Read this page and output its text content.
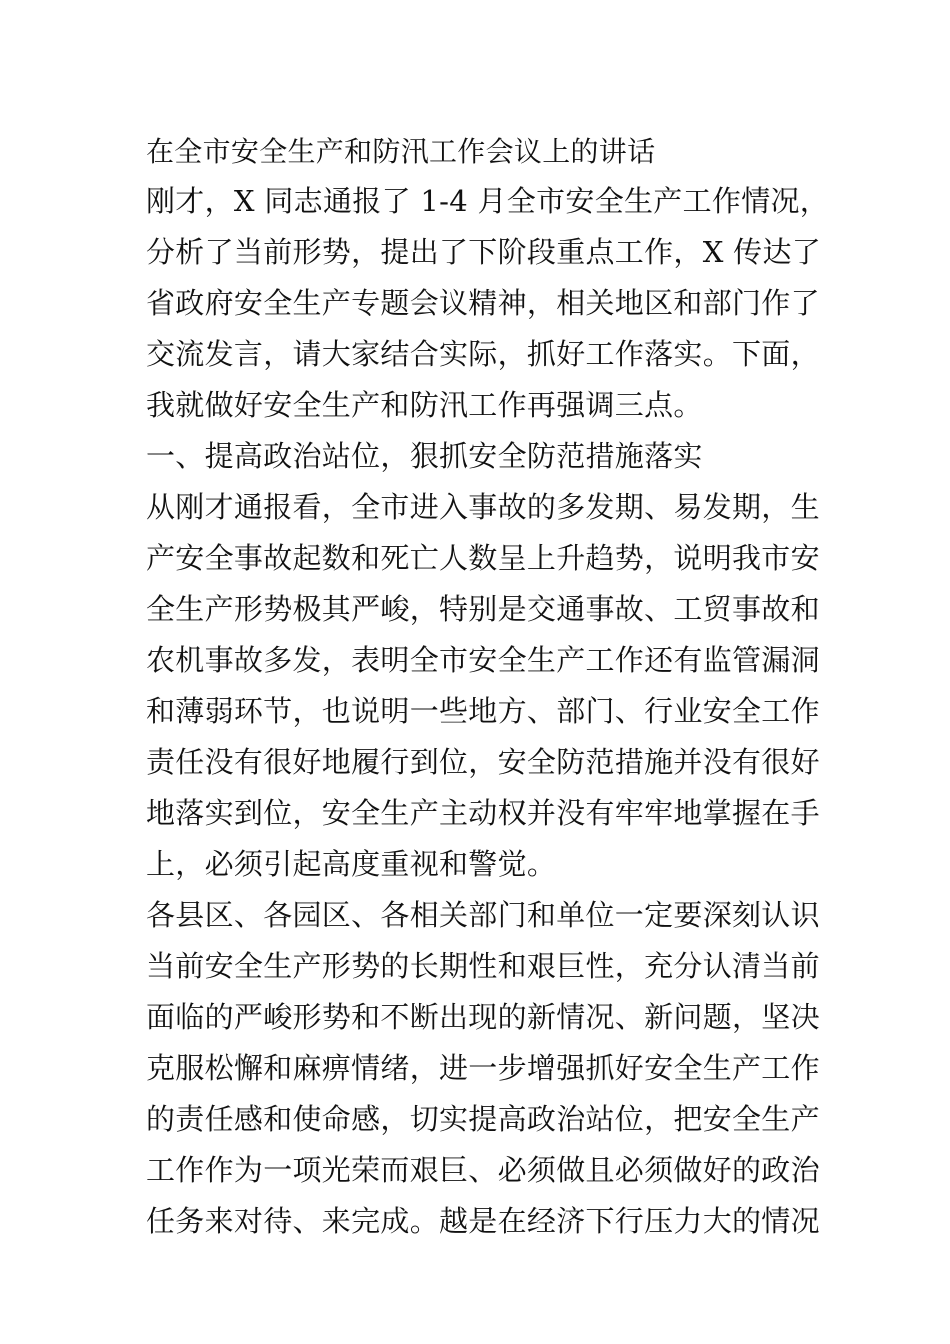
在全市安全生产和防汛工作会议上的讲话
刚才，X 同志通报了 1-4 月全市安全生产工作情况，
分析了当前形势，提出了下阶段重点工作，X 传达了
省政府安全生产专题会议精神，相关地区和部门作了
交流发言，请大家结合实际，抓好工作落实。下面，
我就做好安全生产和防汛工作再强调三点。
一、提高政治站位，狠抓安全防范措施落实
从刚才通报看，全市进入事故的多发期、易发期，生
产安全事故起数和死亡人数呈上升趋势，说明我市安
全生产形势极其严峻，特别是交通事故、工贸事故和
农机事故多发，表明全市安全生产工作还有监管漏洞
和薄弱环节，也说明一些地方、部门、行业安全工作
责任没有很好地履行到位，安全防范措施并没有很好
地落实到位，安全生产主动权并没有牢牢地掌握在手
上，必须引起高度重视和警觉。
各县区、各园区、各相关部门和单位一定要深刻认识
当前安全生产形势的长期性和艰巨性，充分认清当前
面临的严峻形势和不断出现的新情况、新问题，坚决
克服松懈和麻痹情绪，进一步增强抓好安全生产工作
的责任感和使命感，切实提高政治站位，把安全生产
工作作为一项光荣而艰巨、必须做且必须做好的政治
任务来对待、来完成。越是在经济下行压力大的情况
